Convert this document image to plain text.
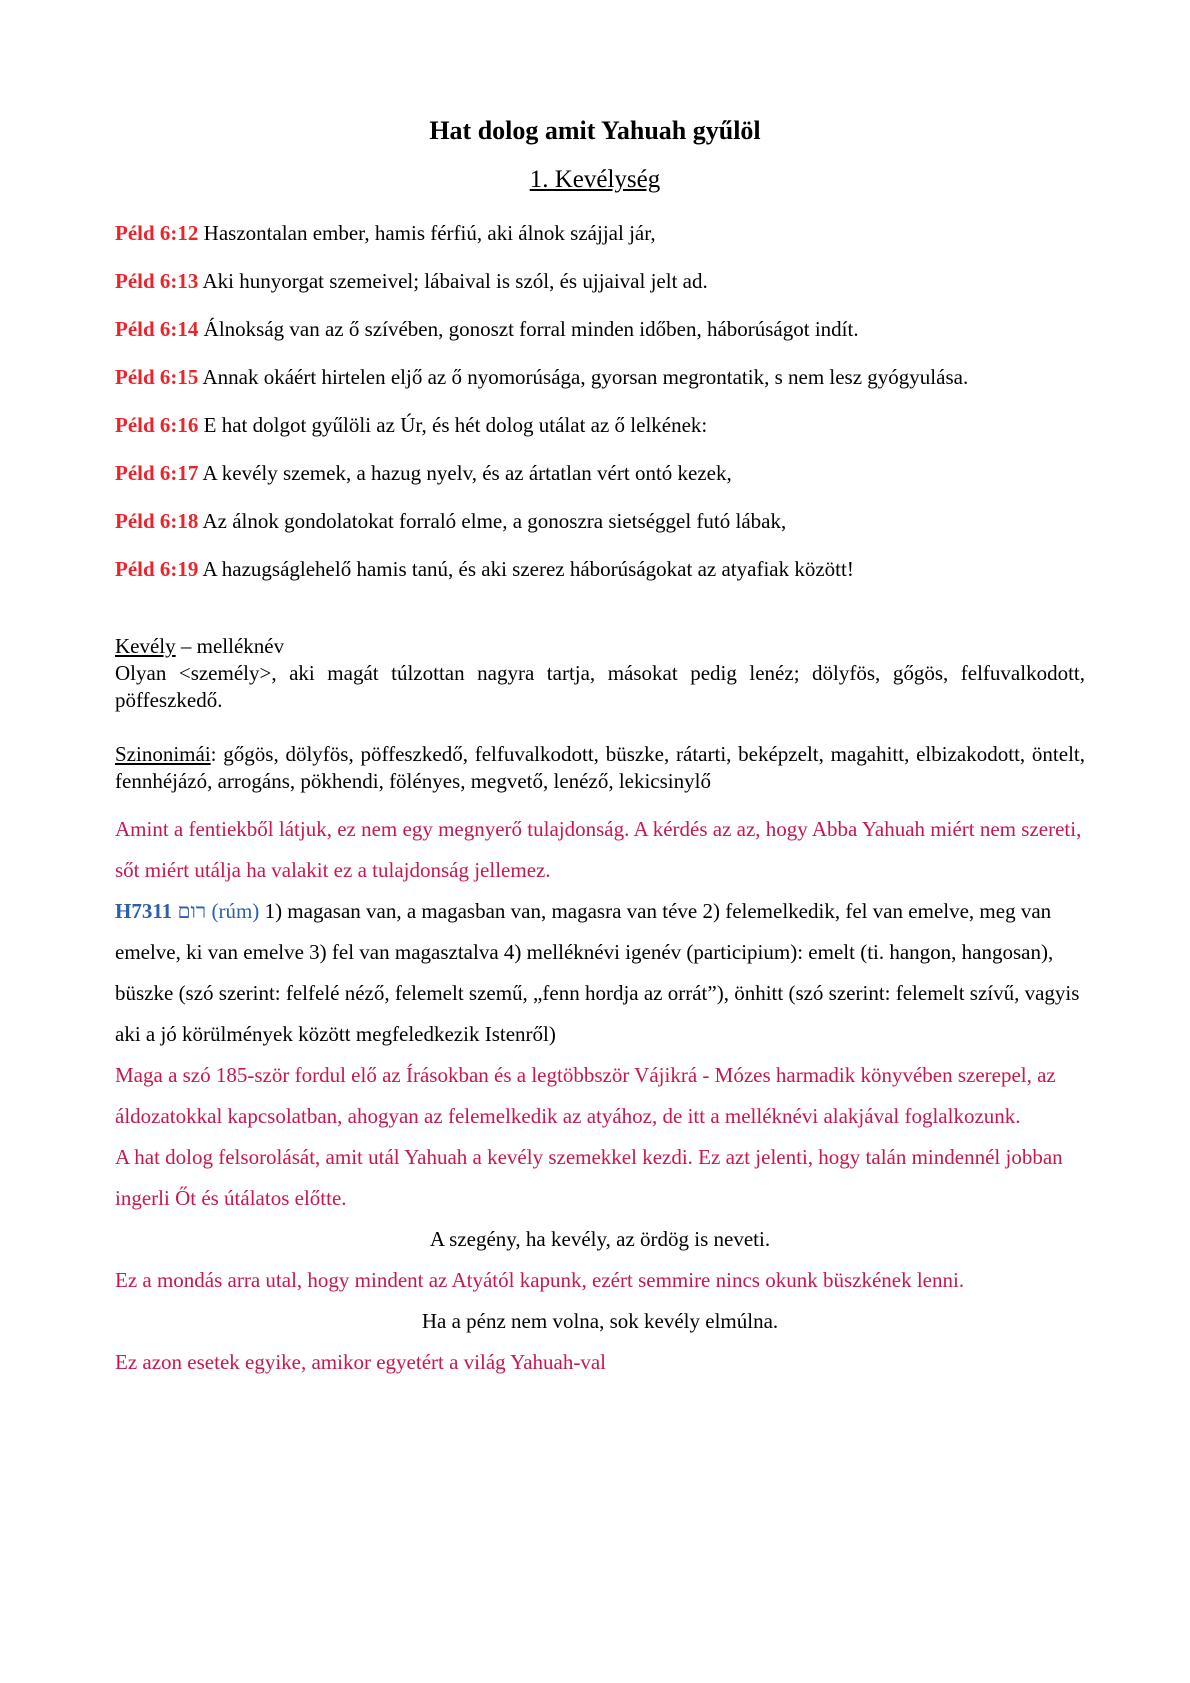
Hat dolog amit Yahuah gyűlöl
1. Kevélység

Péld 6:12 Haszontalan ember, hamis férfiú, aki álnok szájjal jár,

Péld 6:13 Aki hunyorgat szemeivel; lábaival is szól, és ujjaival jelt ad.

Péld 6:14 Álnokság van az ő szívében, gonoszt forral minden időben, háborúságot indít.

Péld 6:15 Annak okáért hirtelen eljő az ő nyomorúsága, gyorsan megrontatik, s nem lesz gyógyulása.

Péld 6:16 E hat dolgot gyűlöli az Úr, és hét dolog utálat az ő lelkének:

Péld 6:17 A kevély szemek, a hazug nyelv, és az ártatlan vért ontó kezek,

Péld 6:18 Az álnok gondolatokat forraló elme, a gonoszra sietséggel futó lábak,

Péld 6:19 A hazugságlehelő hamis tanú, és aki szerez háborúságokat az atyafiak között!

Kevély – melléknév

Olyan <személy>, aki magát túlzottan nagyra tartja, másokat pedig lenéz; dölyfös, gőgös, felfuvalkodott, pöffeszkedő.

Szinonimái: gőgös, dölyfös, pöffeszkedő, felfuvalkodott, büszke, rátarti, beképzelt, magahitt, elbizakodott, öntelt, fennhéjázó, arrogáns, pökhendi, fölényes, megvető, lenéző, lekicsinylő

Amint a fentiekből látjuk, ez nem egy megnyerő tulajdonság. A kérdés az az, hogy Abba Yahuah miért nem szereti, sőt miért utálja ha valakit ez a tulajdonság jellemez.

H7311 רום (rúm) 1) magasan van, a magasban van, magasra van téve 2) felemelkedik, fel van emelve, meg van emelve, ki van emelve 3) fel van magasztalva 4) melléknévi igenév (participium): emelt (ti. hangon, hangosan), büszke (szó szerint: felfelé néző, felemelt szemű, „fenn hordja az orrát”), önhitt (szó szerint: felemelt szívű, vagyis aki a jó körülmények között megfeledkezik Istenről)

Maga a szó 185-ször fordul elő az Írásokban és a legtöbbször Vájikrá - Mózes harmadik könyvében szerepel, az áldozatokkal kapcsolatban, ahogyan az felemelkedik az atyához, de itt a melléknévi alakjával foglalkozunk.

A hat dolog felsorolását, amit utál Yahuah a kevély szemekkel kezdi. Ez azt jelenti, hogy talán mindennél jobban ingerli Őt és útálatos előtte.

A szegény, ha kevély, az ördög is neveti.

Ez a mondás arra utal, hogy mindent az Atyától kapunk, ezért semmire nincs okunk büszkének lenni.

Ha a pénz nem volna, sok kevély elmúlna.

Ez azon esetek egyike, amikor egyetért a világ Yahuah-val
